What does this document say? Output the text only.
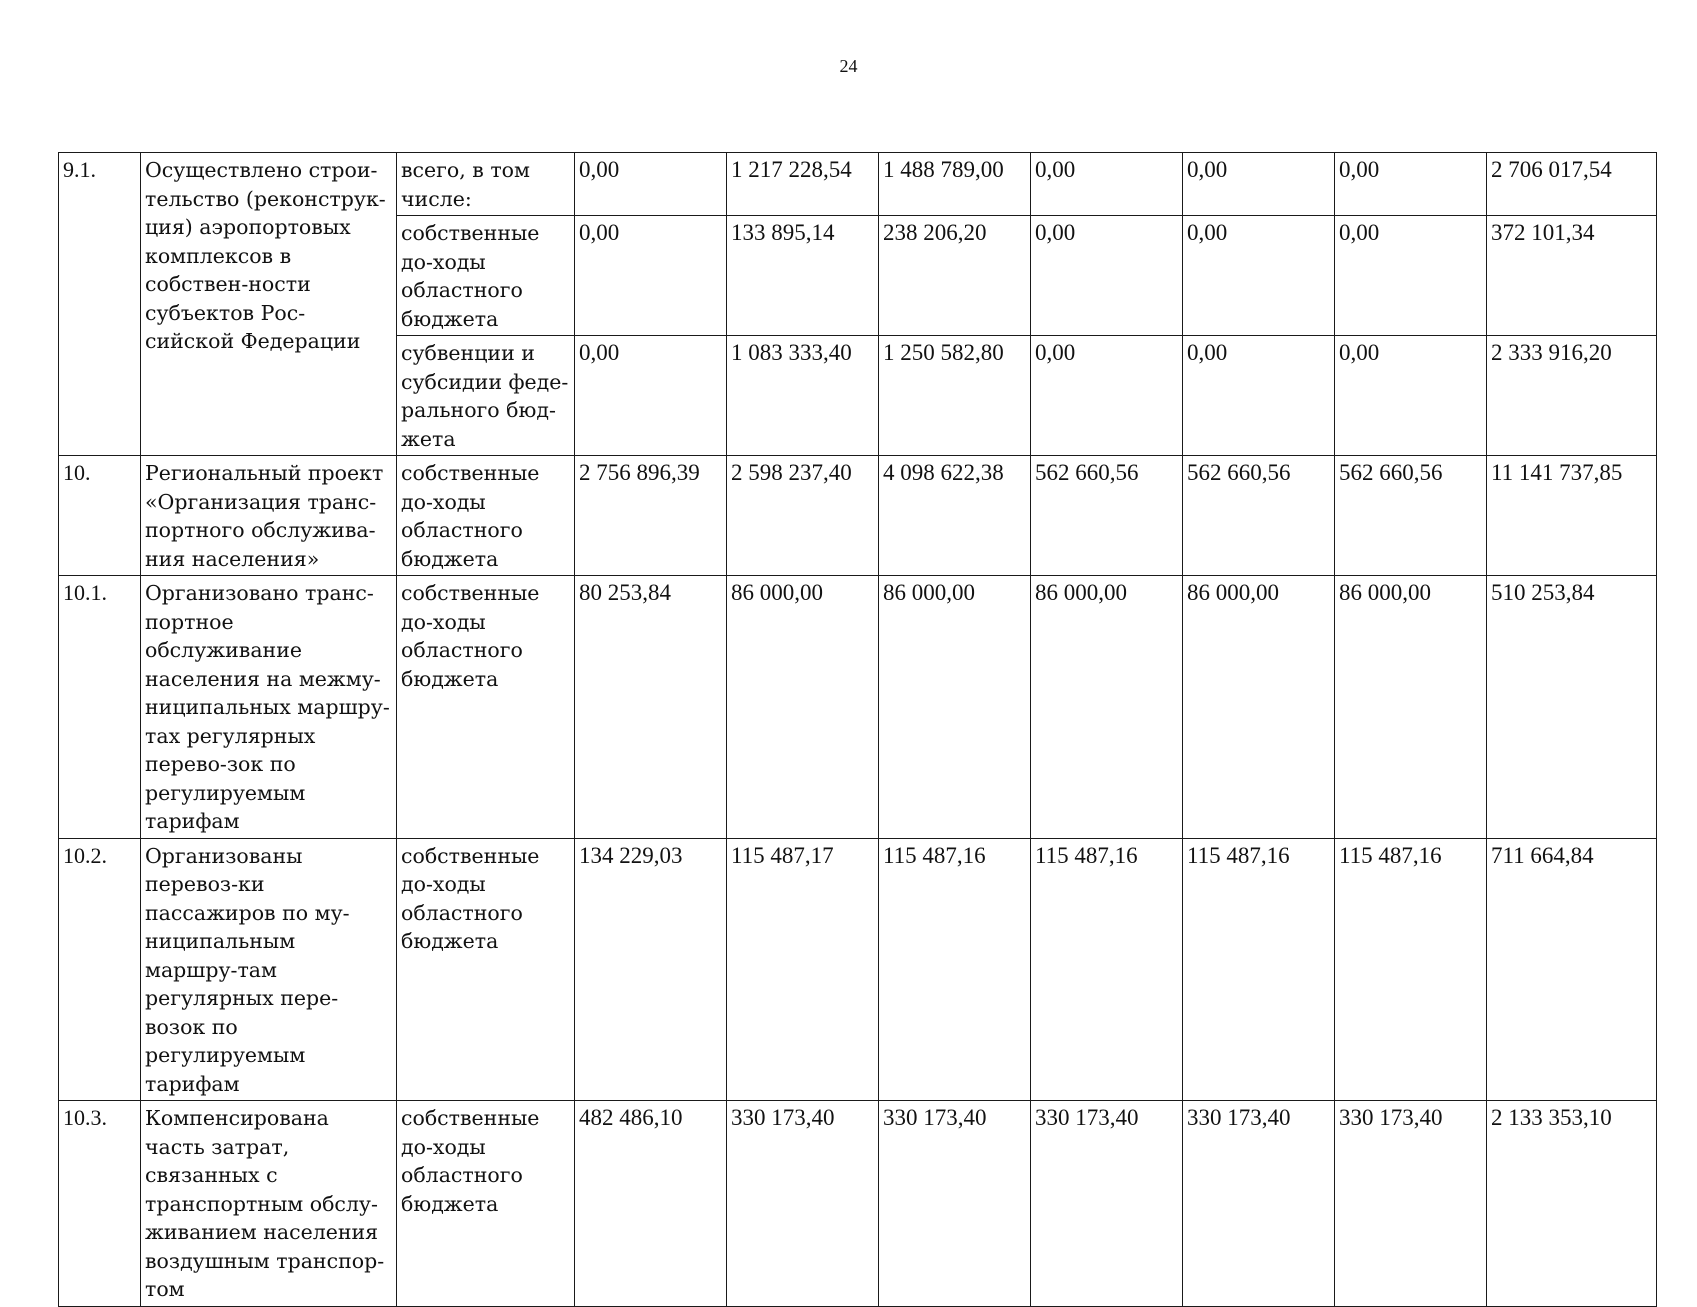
24
9.1.	Осуществлено строи-тельство (реконструк-ция) аэропортовых комплексов в собствен-ности субъектов Рос-сийской Федерации	всего, в том числе:	0,00	1 217 228,54	1 488 789,00	0,00	0,00	0,00	2 706 017,54
		собственные до-ходы областного бюджета	0,00	133 895,14	238 206,20	0,00	0,00	0,00	372 101,34
		субвенции и субсидии феде-рального бюд-жета	0,00	1 083 333,40	1 250 582,80	0,00	0,00	0,00	2 333 916,20
10.	Региональный проект «Организация транс-портного обслужива-ния населения»	собственные до-ходы областного бюджета	2 756 896,39	2 598 237,40	4 098 622,38	562 660,56	562 660,56	562 660,56	11 141 737,85
10.1.	Организовано транс-портное обслуживание населения на межму-ниципальных маршру-тах регулярных перево-зок по регулируемым тарифам	собственные до-ходы областного бюджета	80 253,84	86 000,00	86 000,00	86 000,00	86 000,00	86 000,00	510 253,84
10.2.	Организованы перевоз-ки пассажиров по му-ниципальным маршру-там регулярных пере-возок по регулируемым тарифам	собственные до-ходы областного бюджета	134 229,03	115 487,17	115 487,16	115 487,16	115 487,16	115 487,16	711 664,84
10.3.	Компенсирована часть затрат, связанных с транспортным обслу-живанием населения воздушным транспор-том	собственные до-ходы областного бюджета	482 486,10	330 173,40	330 173,40	330 173,40	330 173,40	330 173,40	2 133 353,10
